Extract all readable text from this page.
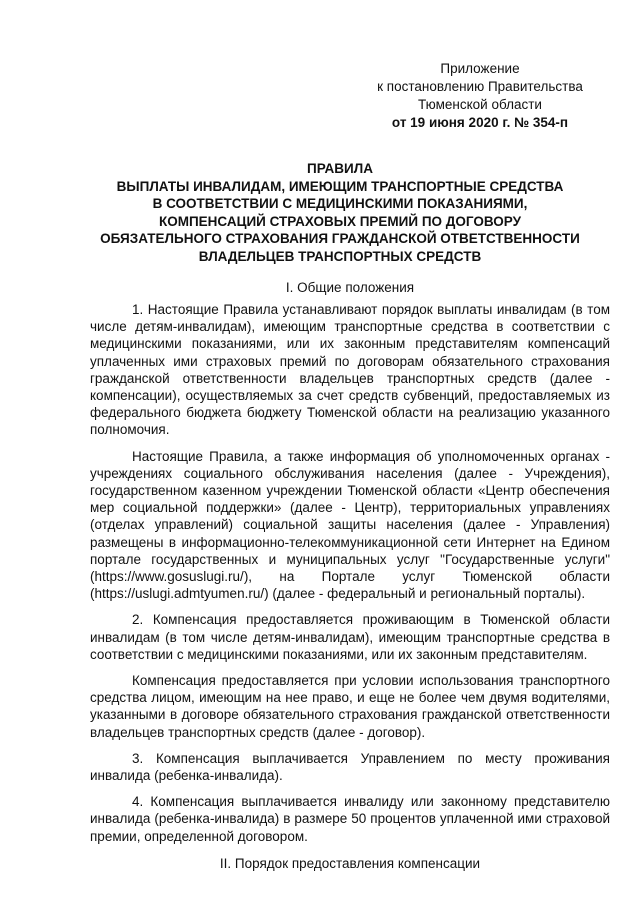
Приложение
к постановлению Правительства
Тюменской области
от 19 июня 2020 г. № 354-п
ПРАВИЛА
ВЫПЛАТЫ ИНВАЛИДАМ, ИМЕЮЩИМ ТРАНСПОРТНЫЕ СРЕДСТВА
В СООТВЕТСТВИИ С МЕДИЦИНСКИМИ ПОКАЗАНИЯМИ,
КОМПЕНСАЦИЙ СТРАХОВЫХ ПРЕМИЙ ПО ДОГОВОРУ
ОБЯЗАТЕЛЬНОГО СТРАХОВАНИЯ ГРАЖДАНСКОЙ ОТВЕТСТВЕННОСТИ
ВЛАДЕЛЬЦЕВ ТРАНСПОРТНЫХ СРЕДСТВ
I. Общие положения

1. Настоящие Правила устанавливают порядок выплаты инвалидам (в том числе детям-инвалидам), имеющим транспортные средства в соответствии с медицинскими показаниями, или их законным представителям компенсаций уплаченных ими страховых премий по договорам обязательного страхования гражданской ответственности владельцев транспортных средств (далее - компенсации), осуществляемых за счет средств субвенций, предоставляемых из федерального бюджета бюджету Тюменской области на реализацию указанного полномочия.

Настоящие Правила, а также информация об уполномоченных органах - учреждениях социального обслуживания населения (далее - Учреждения), государственном казенном учреждении Тюменской области «Центр обеспечения мер социальной поддержки» (далее - Центр), территориальных управлениях (отделах управлений) социальной защиты населения (далее - Управления) размещены в информационно-телекоммуникационной сети Интернет на Едином портале государственных и муниципальных услуг "Государственные услуги" (https://www.gosuslugi.ru/), на Портале услуг Тюменской области (https://uslugi.admtyumen.ru/) (далее - федеральный и региональный порталы).

2. Компенсация предоставляется проживающим в Тюменской области инвалидам (в том числе детям-инвалидам), имеющим транспортные средства в соответствии с медицинскими показаниями, или их законным представителям.

Компенсация предоставляется при условии использования транспортного средства лицом, имеющим на нее право, и еще не более чем двумя водителями, указанными в договоре обязательного страхования гражданской ответственности владельцев транспортных средств (далее - договор).

3. Компенсация выплачивается Управлением по месту проживания инвалида (ребенка-инвалида).

4. Компенсация выплачивается инвалиду или законному представителю инвалида (ребенка-инвалида) в размере 50 процентов уплаченной ими страховой премии, определенной договором.

II. Порядок предоставления компенсации
